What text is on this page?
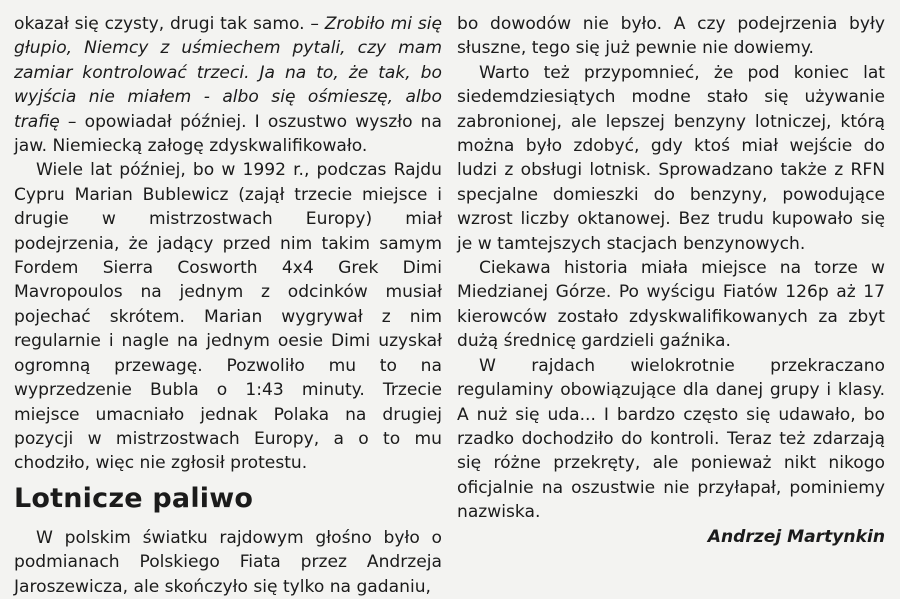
okazał się czysty, drugi tak samo. – Zrobiło mi się głupio, Niemcy z uśmiechem pytali, czy mam zamiar kontrolować trzeci. Ja na to, że tak, bo wyjścia nie miałem - albo się ośmieszę, albo trafię – opowiadał później. I oszustwo wyszło na jaw. Niemiecką załogę zdyskwalifikowało.

Wiele lat później, bo w 1992 r., podczas Rajdu Cypru Marian Bublewicz (zajął trzecie miejsce i drugie w mistrzostwach Europy) miał podejrzenia, że jadący przed nim takim samym Fordem Sierra Cosworth 4x4 Grek Dimi Mavropoulos na jednym z odcinków musiał pojechać skrótem. Marian wygrywał z nim regularnie i nagle na jednym oesie Dimi uzyskał ogromną przewagę. Pozwoliło mu to na wyprzedzenie Bubla o 1:43 minuty. Trzecie miejsce umacniało jednak Polaka na drugiej pozycji w mistrzostwach Europy, a o to mu chodziło, więc nie zgłosił protestu.

Lotnicze paliwo

W polskim światku rajdowym głośno było o podmianach Polskiego Fiata przez Andrzeja Jaroszewicza, ale skończyło się tylko na gadaniu,

bo dowodów nie było. A czy podejrzenia były słuszne, tego się już pewnie nie dowiemy.

Warto też przypomnieć, że pod koniec lat siedemdziesiątych modne stało się używanie zabronionej, ale lepszej benzyny lotniczej, którą można było zdobyć, gdy ktoś miał wejście do ludzi z obsługi lotnisk. Sprowadzano także z RFN specjalne domieszki do benzyny, powodujące wzrost liczby oktanowej. Bez trudu kupowało się je w tamtejszych stacjach benzynowych.

Ciekawa historia miała miejsce na torze w Miedzianej Górze. Po wyścigu Fiatów 126p aż 17 kierowców zostało zdyskwalifikowanych za zbyt dużą średnicę gardzieli gaźnika.

W rajdach wielokrotnie przekraczano regulaminy obowiązujące dla danej grupy i klasy. A nuż się uda... I bardzo często się udawało, bo rzadko dochodziło do kontroli. Teraz też zdarzają się różne przekręty, ale ponieważ nikt nikogo oficjalnie na oszustwie nie przyłapał, pominiemy nazwiska.

Andrzej Martynkin
